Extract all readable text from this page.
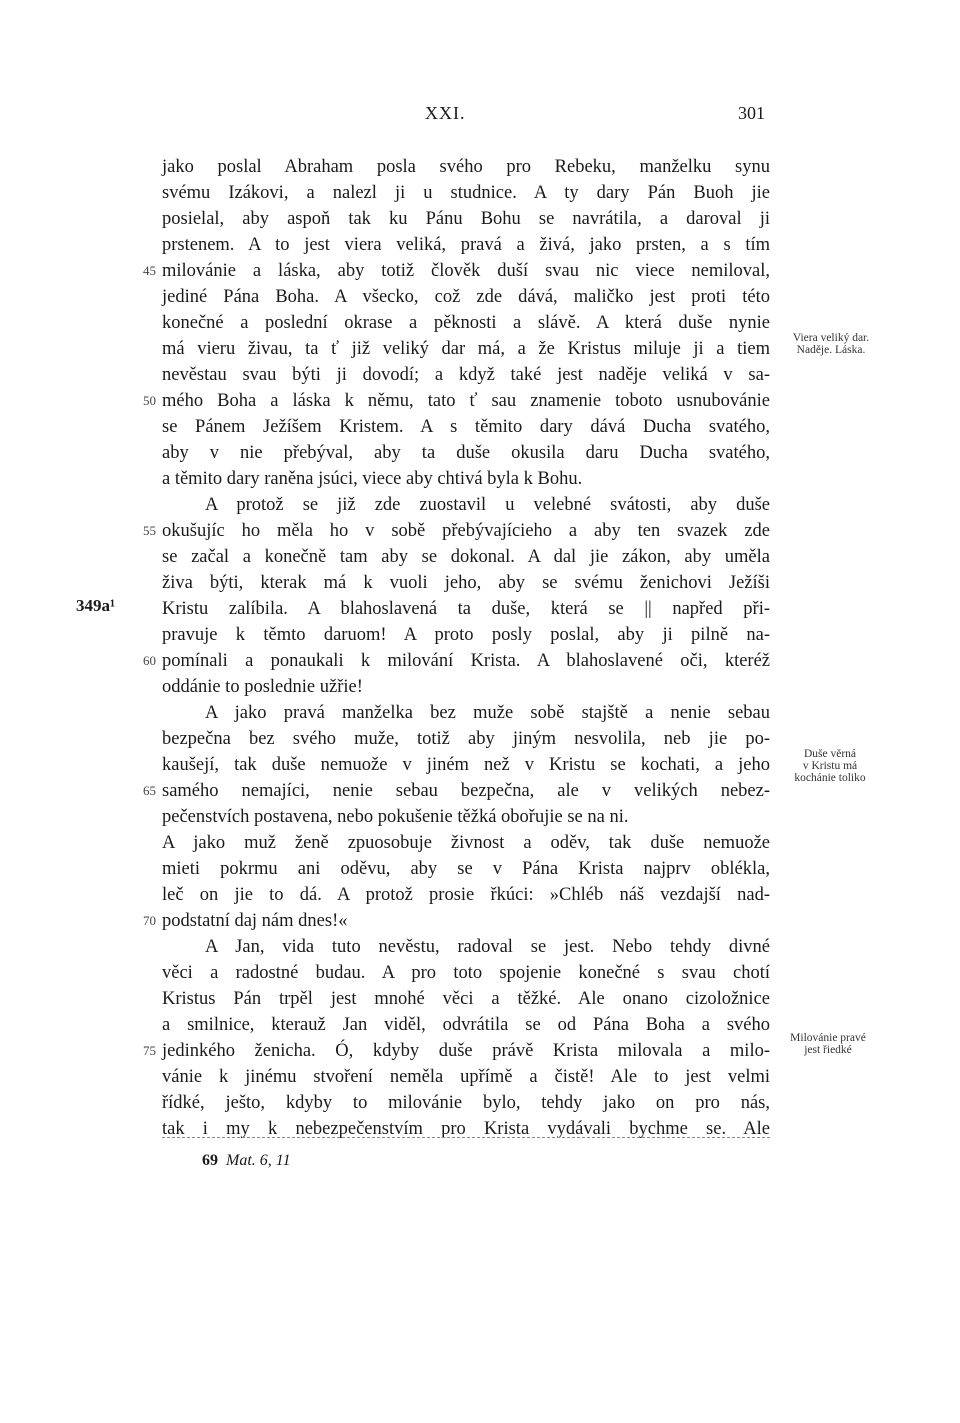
XXI.	301
jako poslal Abraham posla svého pro Rebeku, manželku synu
svému Izákovi, a nalezl ji u studnice. A ty dary Pán Buoh jie
posielal, aby aspoň tak ku Pánu Bohu se navrátila, a daroval ji
prstenem. A to jest viera veliká, pravá a živá, jako prsten, a s tím
milovánie a láska, aby totiž člověk duší svau nic viece nemiloval,
jediné Pána Boha. A všecko, což zde dává, maličko jest proti této
konečné a poslední okrase a pěknosti a slávě. A která duše nynie
má vieru živau, ta ť již veliký dar má, a že Kristus miluje ji a tiem
nevěstau svau býti ji dovodí; a když také jest naděje veliká v sa-
mého Boha a láska k němu, tato ť sau znamenie toboto usnubovánie
se Pánem Ježíšem Kristem. A s těmito dary dává Ducha svatého,
aby v nie přebýval, aby ta duše okusila daru Ducha svatého,
a těmito dary raněna jsúci, viece aby chtivá byla k Bohu.
A protož se již zde zuostavil u velebné svátosti, aby duše
okušujíc ho měla ho v sobě přebývajícieho a aby ten svazek zde
se začal a konečně tam aby se dokonal. A dal jie zákon, aby uměla
živa býti, kterak má k vuoli jeho, aby se svému ženichovi Ježíši
Kristu zalíbila. A blahoslavená ta duše, která se || napřed při-
pravuje k těmto daruom! A proto posly poslal, aby ji pilně na-
pomínali a ponaukali k milování Krista. A blahoslavené oči, kteréž
oddánie to poslednie užřie!
A jako pravá manželka bez muže sobě stajště a nenie sebau
bezpečna bez svého muže, totiž aby jiným nesvolila, neb jie po-
kaušejí, tak duše nemuože v jiném než v Kristu se kochati, a jeho
samého nemajíci, nenie sebau bezpečna, ale v velikých nebez-
pečenstvích postavena, nebo pokušenie těžká obořujie se na ni.
A jako muž ženě zpuosobuje živnost a oděv, tak duše nemuože
mieti pokrmu ani oděvu, aby se v Pána Krista najprv oblékla,
leč on jie to dá. A protož prosie řkúci: »Chléb náš vezdajší nad-
podstatní daj nám dnes!«
A Jan, vida tuto nevěstu, radoval se jest. Nebo tehdy divné
věci a radostné budau. A pro toto spojenie konečné s svau chotí
Kristus Pán trpěl jest mnohé věci a těžké. Ale onano cizoložnice
a smilnice, kterauž Jan viděl, odvrátila se od Pána Boha a svého
jedinkého ženicha. Ó, kdyby duše právě Krista milovala a milo-
vánie k jinému stvoření neměla upřímě a čistě! Ale to jest velmi
řídké, ješto, kdyby to milovánie bylo, tehdy jako on pro nás,
tak i my k nebezpečenstvím pro Krista vydávali bychme se. Ale
45
50
55
60
65
70
75
349a¹
Viera veliký dar.
Naděje. Láska.
Duše věrná
v Kristu má
kochánie toliko
Milovánie pravé
jest řiedké
69 Mat. 6, 11
